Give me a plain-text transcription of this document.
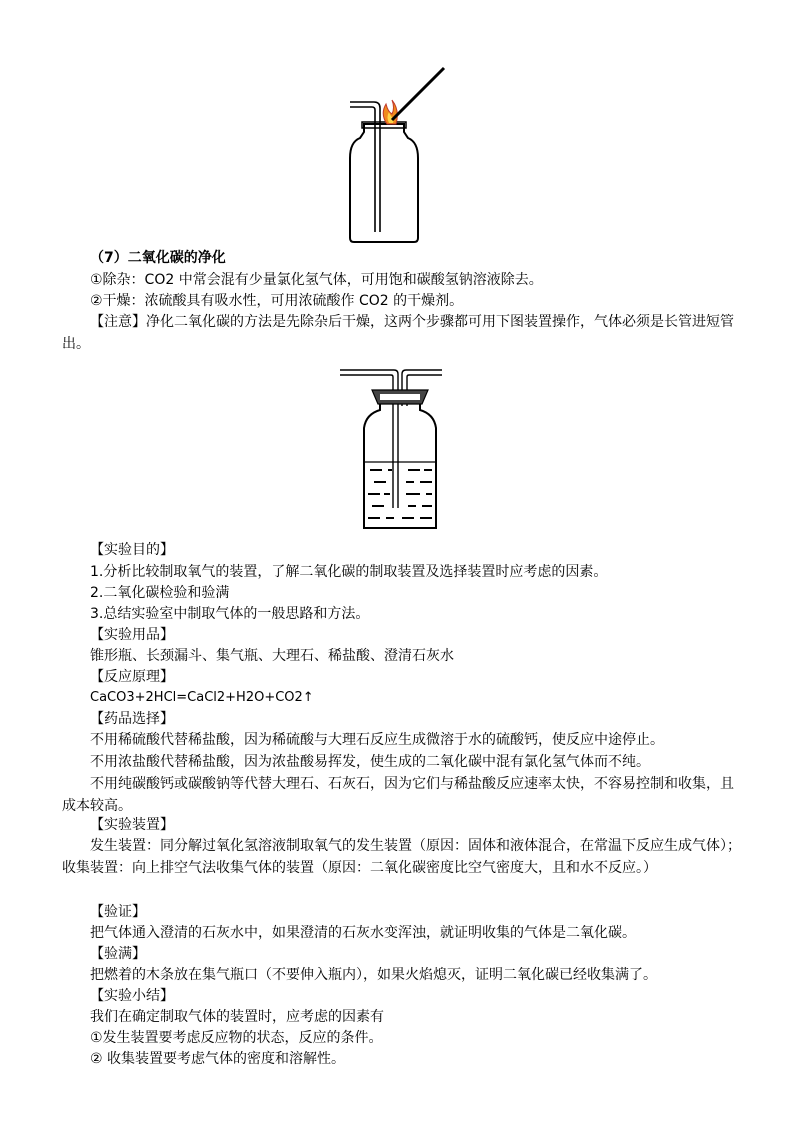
（7）二氧化碳的净化
①除杂：CO2 中常会混有少量氯化氢气体，可用饱和碳酸氢钠溶液除去。
②干燥：浓硫酸具有吸水性，可用浓硫酸作 CO2 的干燥剂。
【注意】净化二氧化碳的方法是先除杂后干燥，这两个步骤都可用下图装置操作，气体必须是长管进短管出。
【实验目的】
1.分析比较制取氧气的装置，了解二氧化碳的制取装置及选择装置时应考虑的因素。
2.二氧化碳检验和验满
3.总结实验室中制取气体的一般思路和方法。
【实验用品】
锥形瓶、长颈漏斗、集气瓶、大理石、稀盐酸、澄清石灰水
【反应原理】
CaCO3+2HCl=CaCl2+H2O+CO2↑
【药品选择】
不用稀硫酸代替稀盐酸，因为稀硫酸与大理石反应生成微溶于水的硫酸钙，使反应中途停止。
不用浓盐酸代替稀盐酸，因为浓盐酸易挥发，使生成的二氧化碳中混有氯化氢气体而不纯。
不用纯碳酸钙或碳酸钠等代替大理石、石灰石，因为它们与稀盐酸反应速率太快，不容易控制和收集，且成本较高。
【实验装置】
发生装置：同分解过氧化氢溶液制取氧气的发生装置（原因：固体和液体混合，在常温下反应生成气体）；收集装置：向上排空气法收集气体的装置（原因：二氧化碳密度比空气密度大，且和水不反应。）
【验证】
把气体通入澄清的石灰水中，如果澄清的石灰水变浑浊，就证明收集的气体是二氧化碳。
【验满】
把燃着的木条放在集气瓶口（不要伸入瓶内），如果火焰熄灭，证明二氧化碳已经收集满了。
【实验小结】
我们在确定制取气体的装置时，应考虑的因素有
①发生装置要考虑反应物的状态，反应的条件。
② 收集装置要考虑气体的密度和溶解性。
